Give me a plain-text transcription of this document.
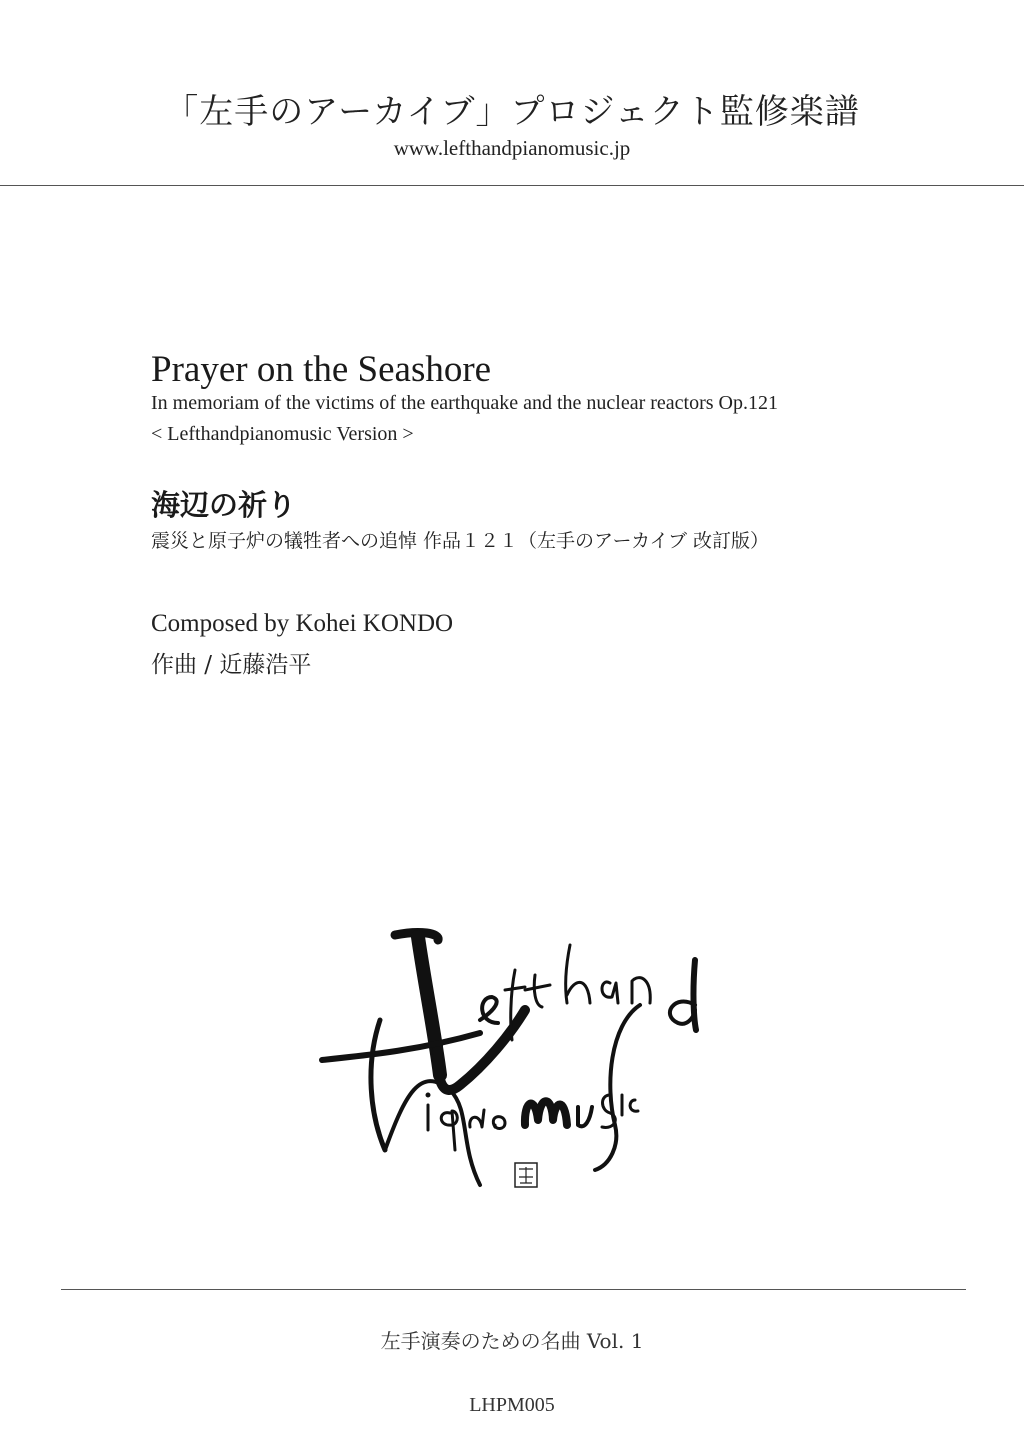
「左手のアーカイブ」プロジェクト監修楽譜
www.lefthandpianomusic.jp
Prayer on the Seashore
In memoriam of the victims of the earthquake and the nuclear reactors Op.121
< Lefthandpianomusic Version >
海辺の祈り
震災と原子炉の犠牲者への追悼 作品１２１（左手のアーカイブ 改訂版）
Composed by Kohei KONDO
作曲 / 近藤浩平
左手演奏のための名曲 Vol. 1
LHPM005
